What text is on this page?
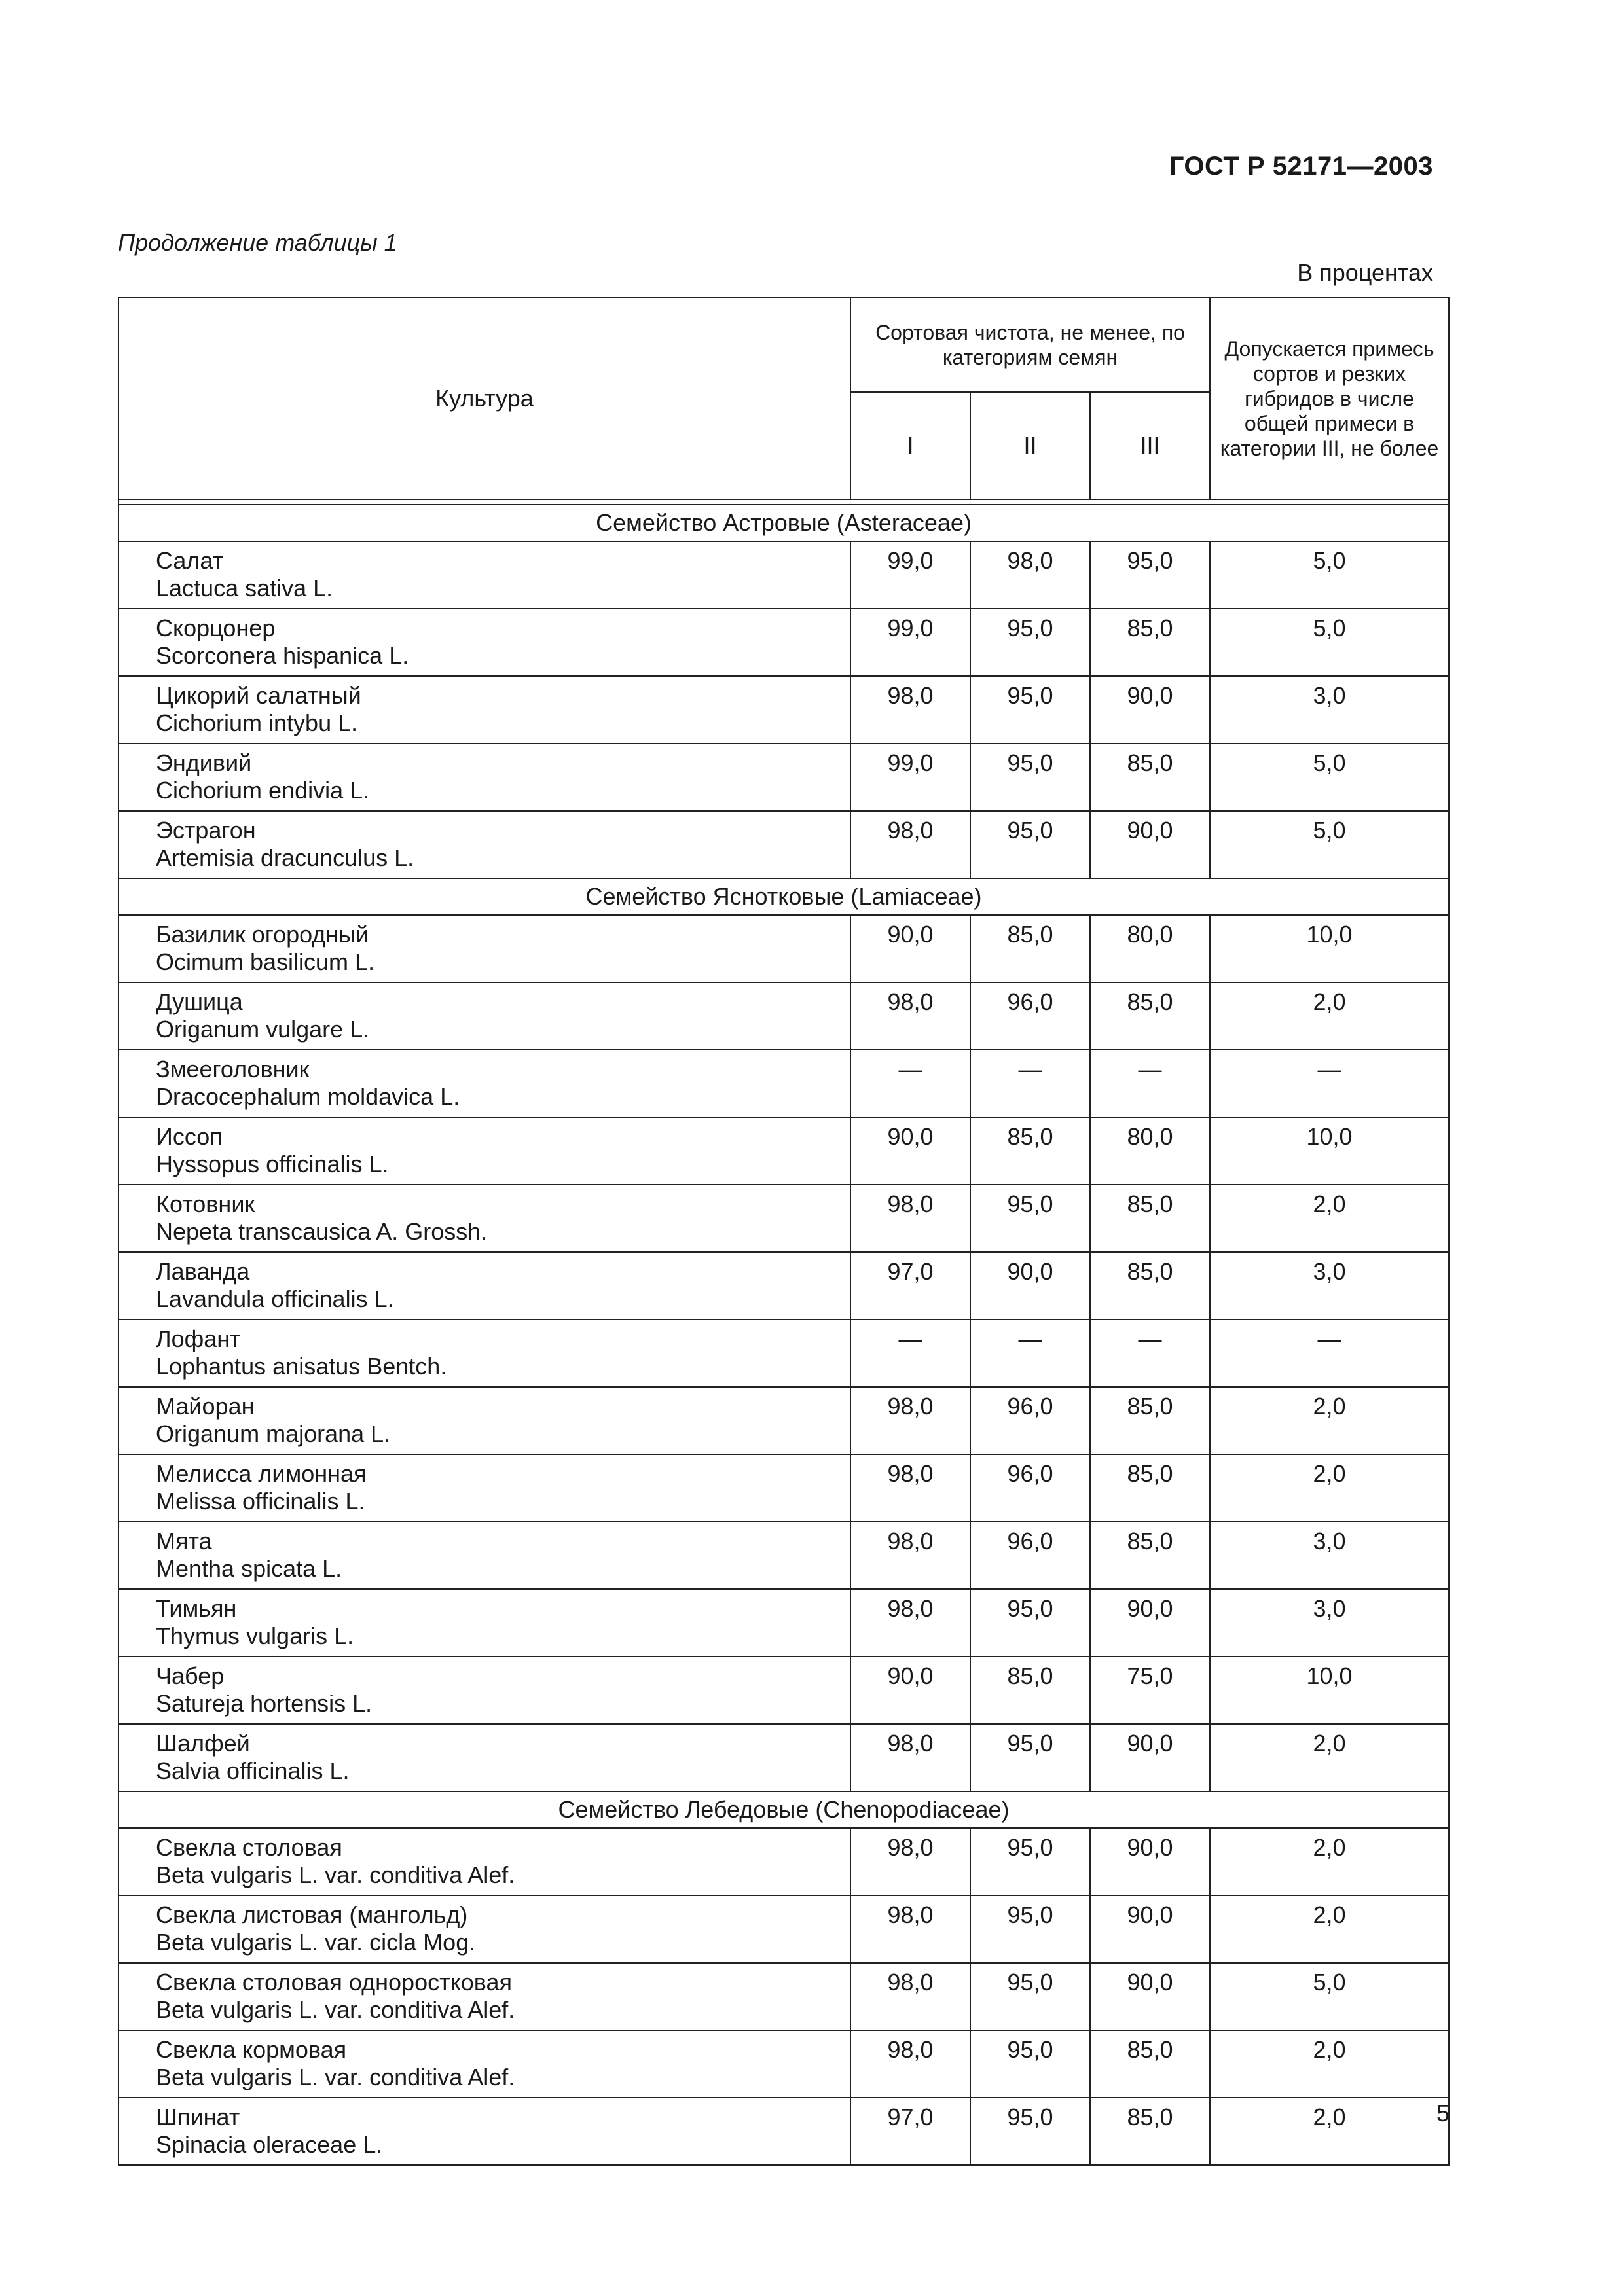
ГОСТ Р 52171—2003
Продолжение таблицы 1
В процентах
Культура	Сортовая чистота, не менее, по категориям семян			Допускается примесь сортов и резких гибридов в числе общей примеси в категории III, не более
	I	II	III	

Семейство Астровые (Asteraceae)				

Салат
Lactuca sativa L.	99,0	98,0	95,0	5,0

Скорцонер
Scorconera hispanica L.	99,0	95,0	85,0	5,0

Цикорий салатный
Cichorium intybu L.	98,0	95,0	90,0	3,0

Эндивий
Cichorium endivia L.	99,0	95,0	85,0	5,0

Эстрагон
Artemisia dracunculus L.	98,0	95,0	90,0	5,0
Семейство Яснотковые (Lamiaceae)				

Базилик огородный
Ocimum basilicum L.	90,0	85,0	80,0	10,0

Душица
Origanum vulgare L.	98,0	96,0	85,0	2,0

Змееголовник
Dracocephalum moldavica L.	—	—	—	—

Иссоп
Hyssopus officinalis L.	90,0	85,0	80,0	10,0

Котовник
Nepeta transcausica A. Grossh.	98,0	95,0	85,0	2,0

Лаванда
Lavandula officinalis L.	97,0	90,0	85,0	3,0

Лофант
Lophantus anisatus Bentch.	—	—	—	—

Майоран
Origanum majorana L.	98,0	96,0	85,0	2,0

Мелисса лимонная
Melissa officinalis L.	98,0	96,0	85,0	2,0

Мята
Mentha spicata L.	98,0	96,0	85,0	3,0

Тимьян
Thymus vulgaris L.	98,0	95,0	90,0	3,0

Чабер
Satureja hortensis L.	90,0	85,0	75,0	10,0

Шалфей
Salvia officinalis L.	98,0	95,0	90,0	2,0
Семейство Лебедовые (Chenopodiaceae)				

Свекла столовая
Beta vulgaris L. var. conditiva Alef.	98,0	95,0	90,0	2,0

Свекла листовая (мангольд)
Beta vulgaris L. var. cicla Mog.	98,0	95,0	90,0	2,0

Свекла столовая одноростковая
Beta vulgaris L. var. conditiva Alef.	98,0	95,0	90,0	5,0

Свекла кормовая
Beta vulgaris L. var. conditiva Alef.	98,0	95,0	85,0	2,0

Шпинат
Spinacia oleraceae L.	97,0	95,0	85,0	2,0	5
